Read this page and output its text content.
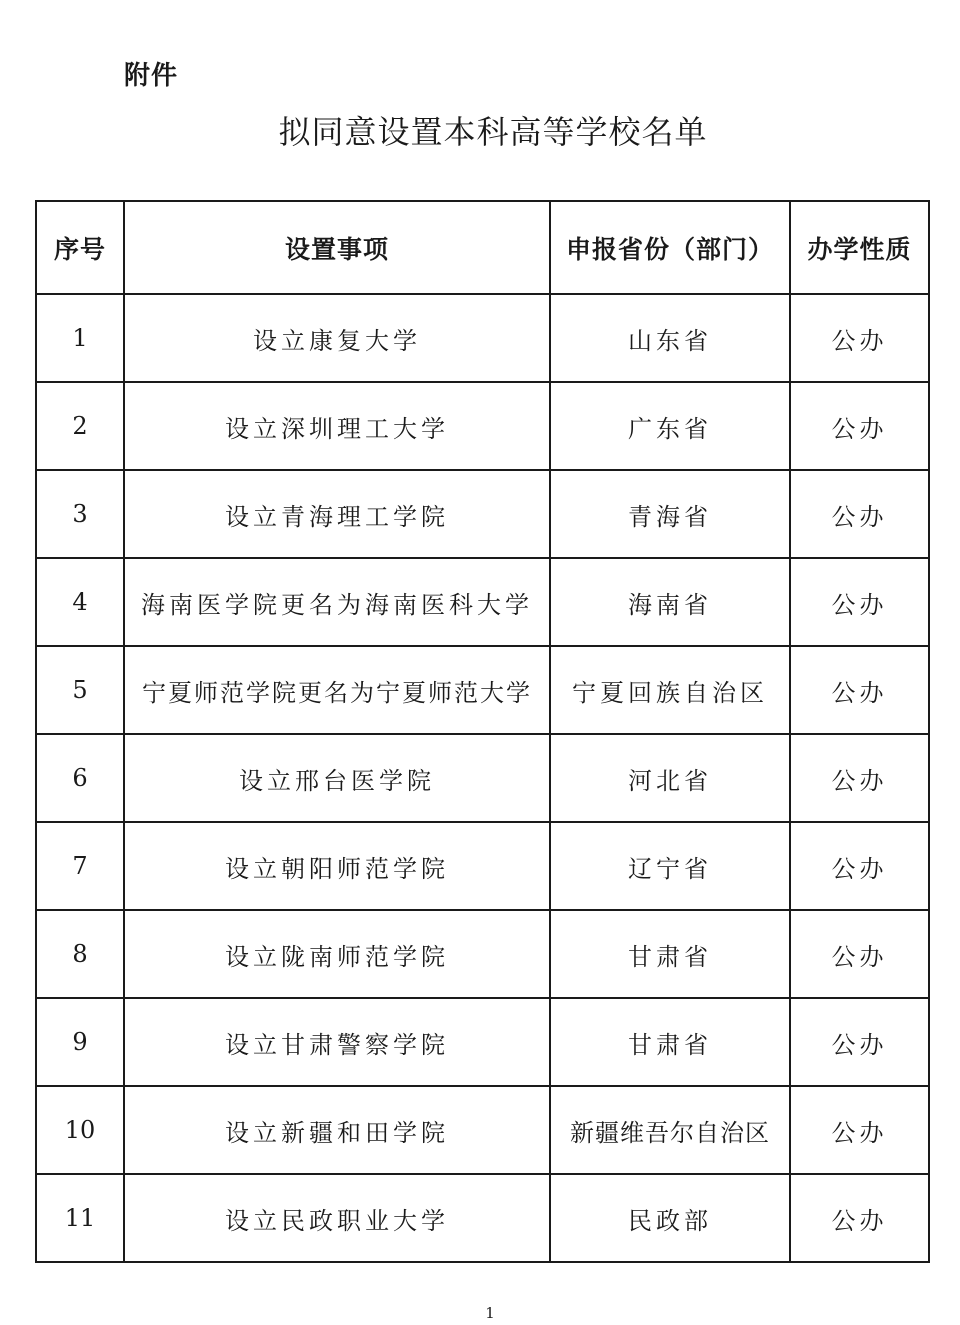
附件
拟同意设置本科高等学校名单
序号	设置事项	申报省份（部门）	办学性质
1	设立康复大学	山东省	公办
2	设立深圳理工大学	广东省	公办
3	设立青海理工学院	青海省	公办
4	海南医学院更名为海南医科大学	海南省	公办
5	宁夏师范学院更名为宁夏师范大学	宁夏回族自治区	公办
6	设立邢台医学院	河北省	公办
7	设立朝阳师范学院	辽宁省	公办
8	设立陇南师范学院	甘肃省	公办
9	设立甘肃警察学院	甘肃省	公办
10	设立新疆和田学院	新疆维吾尔自治区	公办
11	设立民政职业大学	民政部	公办
1
